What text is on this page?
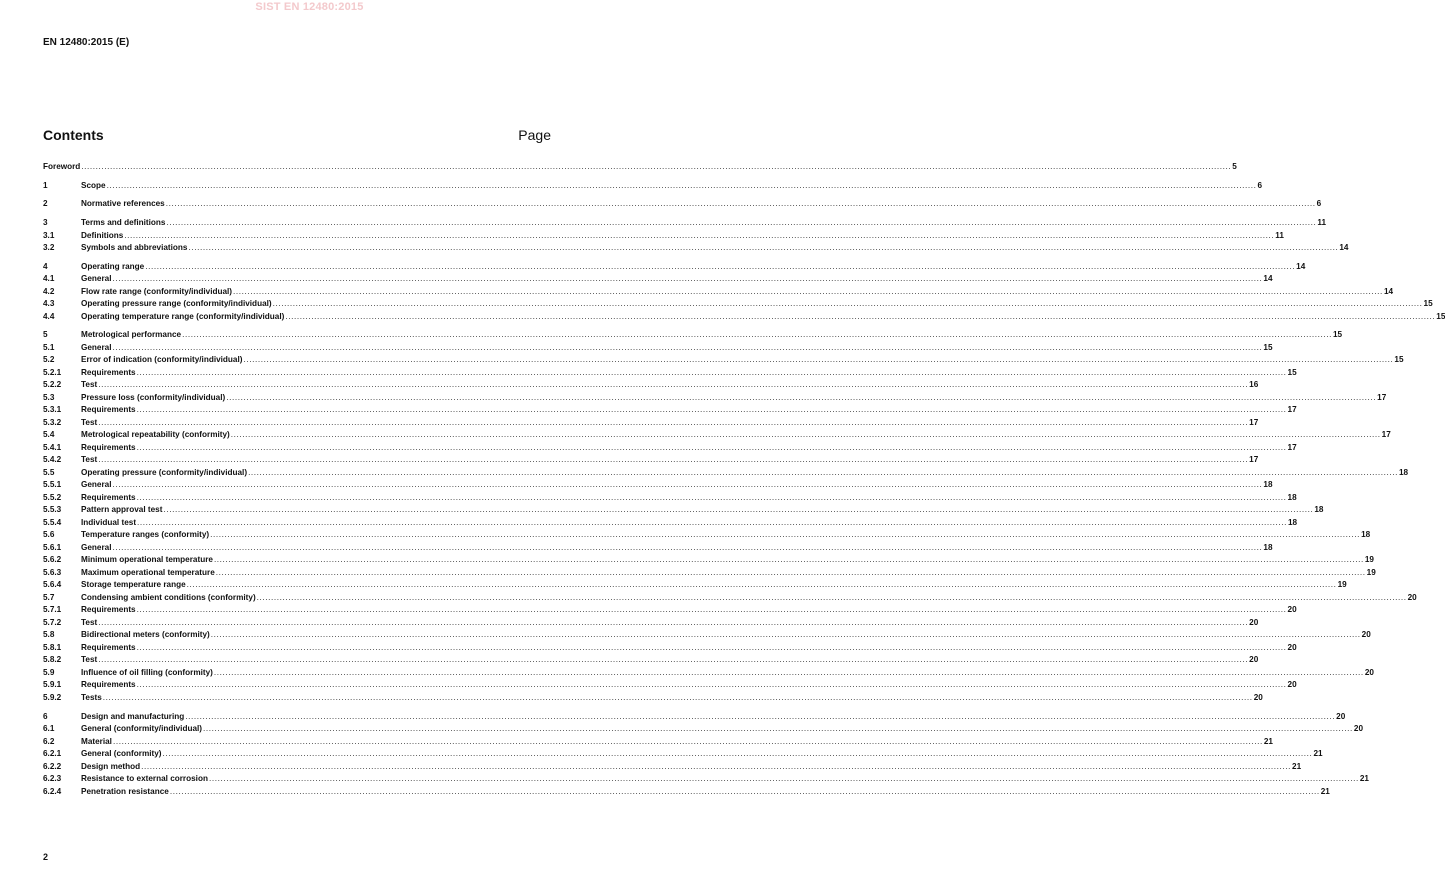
SIST EN 12480:2015
EN 12480:2015 (E)
Contents	Page
Foreword ................................................................................................................................................................................................................................................................................................................................................................................................................ 5
1	Scope ................................................................................................................................................................................................................................................................................................................................................................................................................ 6
2	Normative references ................................................................................................................................................................................................................................................................................................................................................................................................................ 6
3	Terms and definitions ................................................................................................................................................................................................................................................................................................................................................................................................................ 11
3.1	Definitions ................................................................................................................................................................................................................................................................................................................................................................................................................ 11
3.2	Symbols and abbreviations ................................................................................................................................................................................................................................................................................................................................................................................................................ 14
4	Operating range ................................................................................................................................................................................................................................................................................................................................................................................................................ 14
4.1	General ................................................................................................................................................................................................................................................................................................................................................................................................................ 14
4.2	Flow rate range (conformity/individual) ................................................................................................................................................................................................................................................................................................................................................................................................................ 14
4.3	Operating pressure range (conformity/individual) ................................................................................................................................................................................................................................................................................................................................................................................................................ 15
4.4	Operating temperature range (conformity/individual) ................................................................................................................................................................................................................................................................................................................................................................................................................ 15
5	Metrological performance ................................................................................................................................................................................................................................................................................................................................................................................................................ 15
5.1	General ................................................................................................................................................................................................................................................................................................................................................................................................................ 15
5.2	Error of indication (conformity/individual) ................................................................................................................................................................................................................................................................................................................................................................................................................ 15
5.2.1	Requirements ................................................................................................................................................................................................................................................................................................................................................................................................................ 15
5.2.2	Test ................................................................................................................................................................................................................................................................................................................................................................................................................ 16
5.3	Pressure loss (conformity/individual) ................................................................................................................................................................................................................................................................................................................................................................................................................ 17
5.3.1	Requirements ................................................................................................................................................................................................................................................................................................................................................................................................................ 17
5.3.2	Test ................................................................................................................................................................................................................................................................................................................................................................................................................ 17
5.4	Metrological repeatability (conformity) ................................................................................................................................................................................................................................................................................................................................................................................................................ 17
5.4.1	Requirements ................................................................................................................................................................................................................................................................................................................................................................................................................ 17
5.4.2	Test ................................................................................................................................................................................................................................................................................................................................................................................................................ 17
5.5	Operating pressure (conformity/individual) ................................................................................................................................................................................................................................................................................................................................................................................................................ 18
5.5.1	General ................................................................................................................................................................................................................................................................................................................................................................................................................ 18
5.5.2	Requirements ................................................................................................................................................................................................................................................................................................................................................................................................................ 18
5.5.3	Pattern approval test ................................................................................................................................................................................................................................................................................................................................................................................................................ 18
5.5.4	Individual test ................................................................................................................................................................................................................................................................................................................................................................................................................ 18
5.6	Temperature ranges (conformity) ................................................................................................................................................................................................................................................................................................................................................................................................................ 18
5.6.1	General ................................................................................................................................................................................................................................................................................................................................................................................................................ 18
5.6.2	Minimum operational temperature ................................................................................................................................................................................................................................................................................................................................................................................................................ 19
5.6.3	Maximum operational temperature ................................................................................................................................................................................................................................................................................................................................................................................................................ 19
5.6.4	Storage temperature range ................................................................................................................................................................................................................................................................................................................................................................................................................ 19
5.7	Condensing ambient conditions (conformity) ................................................................................................................................................................................................................................................................................................................................................................................................................ 20
5.7.1	Requirements ................................................................................................................................................................................................................................................................................................................................................................................................................ 20
5.7.2	Test ................................................................................................................................................................................................................................................................................................................................................................................................................ 20
5.8	Bidirectional meters (conformity) ................................................................................................................................................................................................................................................................................................................................................................................................................ 20
5.8.1	Requirements ................................................................................................................................................................................................................................................................................................................................................................................................................ 20
5.8.2	Test ................................................................................................................................................................................................................................................................................................................................................................................................................ 20
5.9	Influence of oil filling (conformity) ................................................................................................................................................................................................................................................................................................................................................................................................................ 20
5.9.1	Requirements ................................................................................................................................................................................................................................................................................................................................................................................................................ 20
5.9.2	Tests ................................................................................................................................................................................................................................................................................................................................................................................................................ 20
6	Design and manufacturing ................................................................................................................................................................................................................................................................................................................................................................................................................ 20
6.1	General (conformity/individual) ................................................................................................................................................................................................................................................................................................................................................................................................................ 20
6.2	Material ................................................................................................................................................................................................................................................................................................................................................................................................................ 21
6.2.1	General (conformity) ................................................................................................................................................................................................................................................................................................................................................................................................................ 21
6.2.2	Design method ................................................................................................................................................................................................................................................................................................................................................................................................................ 21
6.2.3	Resistance to external corrosion ................................................................................................................................................................................................................................................................................................................................................................................................................ 21
6.2.4	Penetration resistance ................................................................................................................................................................................................................................................................................................................................................................................................................ 21
2
